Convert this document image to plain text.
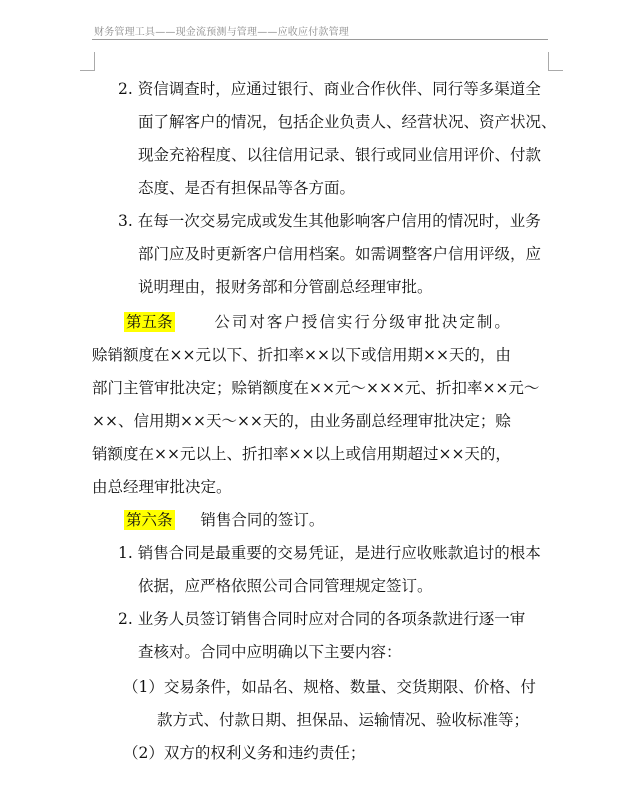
财务管理工具——现金流预测与管理——应收应付款管理
2. 资信调查时，应通过银行、商业合作伙伴、同行等多渠道全
面了解客户的情况，包括企业负责人、经营状况、资产状况、
现金充裕程度、以往信用记录、银行或同业信用评价、付款
态度、是否有担保品等各方面。
3. 在每一次交易完成或发生其他影响客户信用的情况时，业务
部门应及时更新客户信用档案。如需调整客户信用评级，应
说明理由，报财务部和分管副总经理审批。
第五条	公司对客户授信实行分级审批决定制。
赊销额度在××元以下、折扣率××以下或信用期××天的，由
部门主管审批决定；赊销额度在××元～×××元、折扣率××元～
××、信用期××天～××天的，由业务副总经理审批决定；赊
销额度在××元以上、折扣率××以上或信用期超过××天的，
由总经理审批决定。
第六条 销售合同的签订。
1. 销售合同是最重要的交易凭证，是进行应收账款追讨的根本
依据，应严格依照公司合同管理规定签订。
2. 业务人员签订销售合同时应对合同的各项条款进行逐一审
查核对。合同中应明确以下主要内容：
（1）交易条件，如品名、规格、数量、交货期限、价格、付
款方式、付款日期、担保品、运输情况、验收标准等；
（2）双方的权利义务和违约责任；
